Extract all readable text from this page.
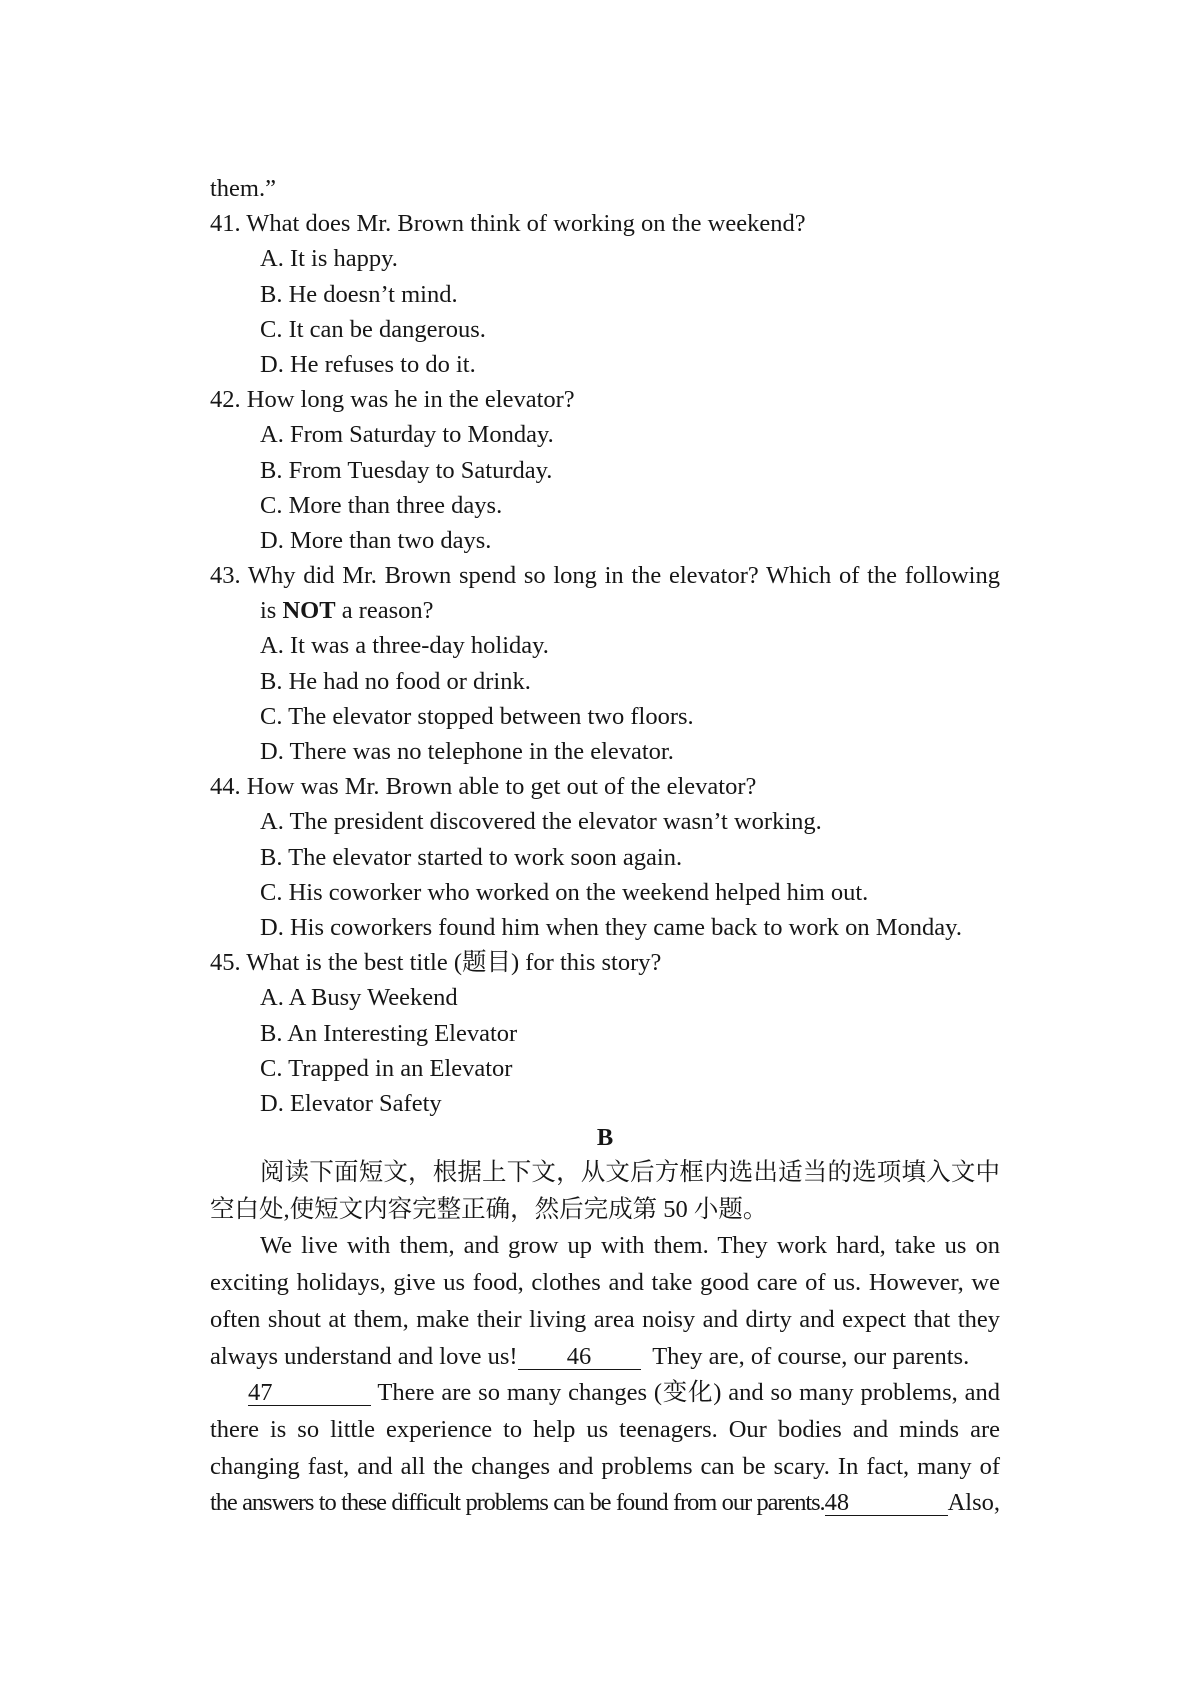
them.”
41. What does Mr. Brown think of working on the weekend?
A. It is happy.
B. He doesn’t mind.
C. It can be dangerous.
D. He refuses to do it.
42. How long was he in the elevator?
A. From Saturday to Monday.
B. From Tuesday to Saturday.
C. More than three days.
D. More than two days.
43. Why did Mr. Brown spend so long in the elevator? Which of the following
is NOT a reason?
A. It was a three-day holiday.
B. He had no food or drink.
C. The elevator stopped between two floors.
D. There was no telephone in the elevator.
44. How was Mr. Brown able to get out of the elevator?
A. The president discovered the elevator wasn’t working.
B. The elevator started to work soon again.
C. His coworker who worked on the weekend helped him out.
D. His coworkers found him when they came back to work on Monday.
45. What is the best title (题目) for this story?
A. A Busy Weekend
B. An Interesting Elevator
C. Trapped in an Elevator
D. Elevator Safety
B
阅读下面短文，根据上下文，从文后方框内选出适当的选项填入文中
空白处,使短文内容完整正确，然后完成第 50 小题。
We live with them, and grow up with them. They work hard, take us on
exciting holidays, give us food, clothes and take good care of us. However, we
often shout at them, make their living area noisy and dirty and expect that they
always understand and love us! 46 They are, of course, our parents.
47	There are so many changes (变化) and so many problems, and
there is so little experience to help us teenagers. Our bodies and minds are
changing fast, and all the changes and problems can be scary. In fact, many of
the answers to these difficult problems can be found from our parents.48	Also,
